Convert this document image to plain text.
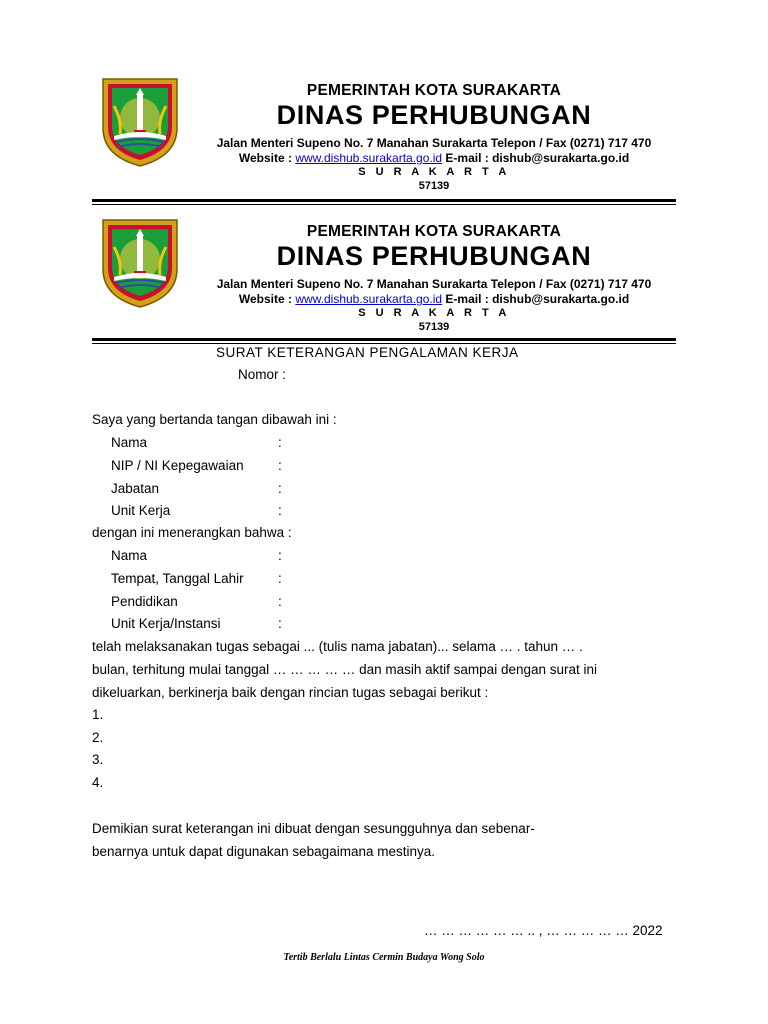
PEMERINTAH KOTA SURAKARTA
DINAS PERHUBUNGAN
Jalan Menteri Supeno No. 7 Manahan Surakarta Telepon / Fax (0271) 717 470
Website : www.dishub.surakarta.go.id E-mail : dishub@surakarta.go.id
S U R A K A R T A
57139
PEMERINTAH KOTA SURAKARTA
DINAS PERHUBUNGAN
Jalan Menteri Supeno No. 7 Manahan Surakarta Telepon / Fax (0271) 717 470
Website : www.dishub.surakarta.go.id E-mail : dishub@surakarta.go.id
S U R A K A R T A
57139
SURAT KETERANGAN PENGALAMAN KERJA
Nomor :
Saya yang bertanda tangan dibawah ini :
Nama	:
NIP / NI Kepegawaian	:
Jabatan	:
Unit Kerja	:
dengan ini menerangkan bahwa :
Nama	:
Tempat, Tanggal Lahir	:
Pendidikan	:
Unit Kerja/Instansi	:
telah melaksanakan tugas sebagai ... (tulis nama jabatan)... selama … . tahun … .
bulan, terhitung mulai tanggal … … … … … dan masih aktif sampai dengan surat ini
dikeluarkan, berkinerja baik dengan rincian tugas sebagai berikut :
1.
2.
3.
4.
Demikian surat keterangan ini dibuat dengan sesungguhnya dan sebenar-
benarnya untuk dapat digunakan sebagaimana mestinya.
… … … … … … .. , … … … … … 2022
Tertib Berlalu Lintas Cermin Budaya Wong Solo
